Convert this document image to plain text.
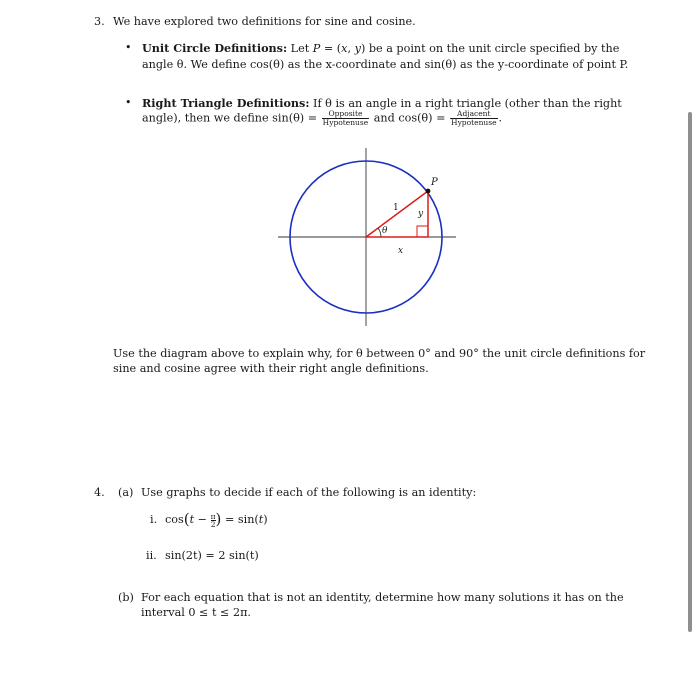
3. We have explored two definitions for sine and cosine.
• Unit Circle Definitions: Let P = (x, y) be a point on the unit circle specified by the
angle θ. We define cos(θ) as the x-coordinate and sin(θ) as the y-coordinate of point P.
• Right Triangle Definitions: If θ is an angle in a right triangle (other than the right
angle), then we define $\sin(\theta) = \frac{\text{Opposite}}{\text{Hypotenuse}}$ and $\cos(\theta) = \frac{\text{Adjacent}}{\text{Hypotenuse}}$ .
P
1
y
θ
x
Use the diagram above to explain why, for θ between 0° and 90° the unit circle definitions for
sine and cosine agree with their right angle definitions.
4. (a) Use graphs to decide if each of the following is an identity:
i. $\cos(t - \frac{\pi}{2}) = \sin(t)$
ii. sin(2t) = 2 sin(t)
(b) For each equation that is not an identity, determine how many solutions it has on the
interval 0 ≤ t ≤ 2π.
